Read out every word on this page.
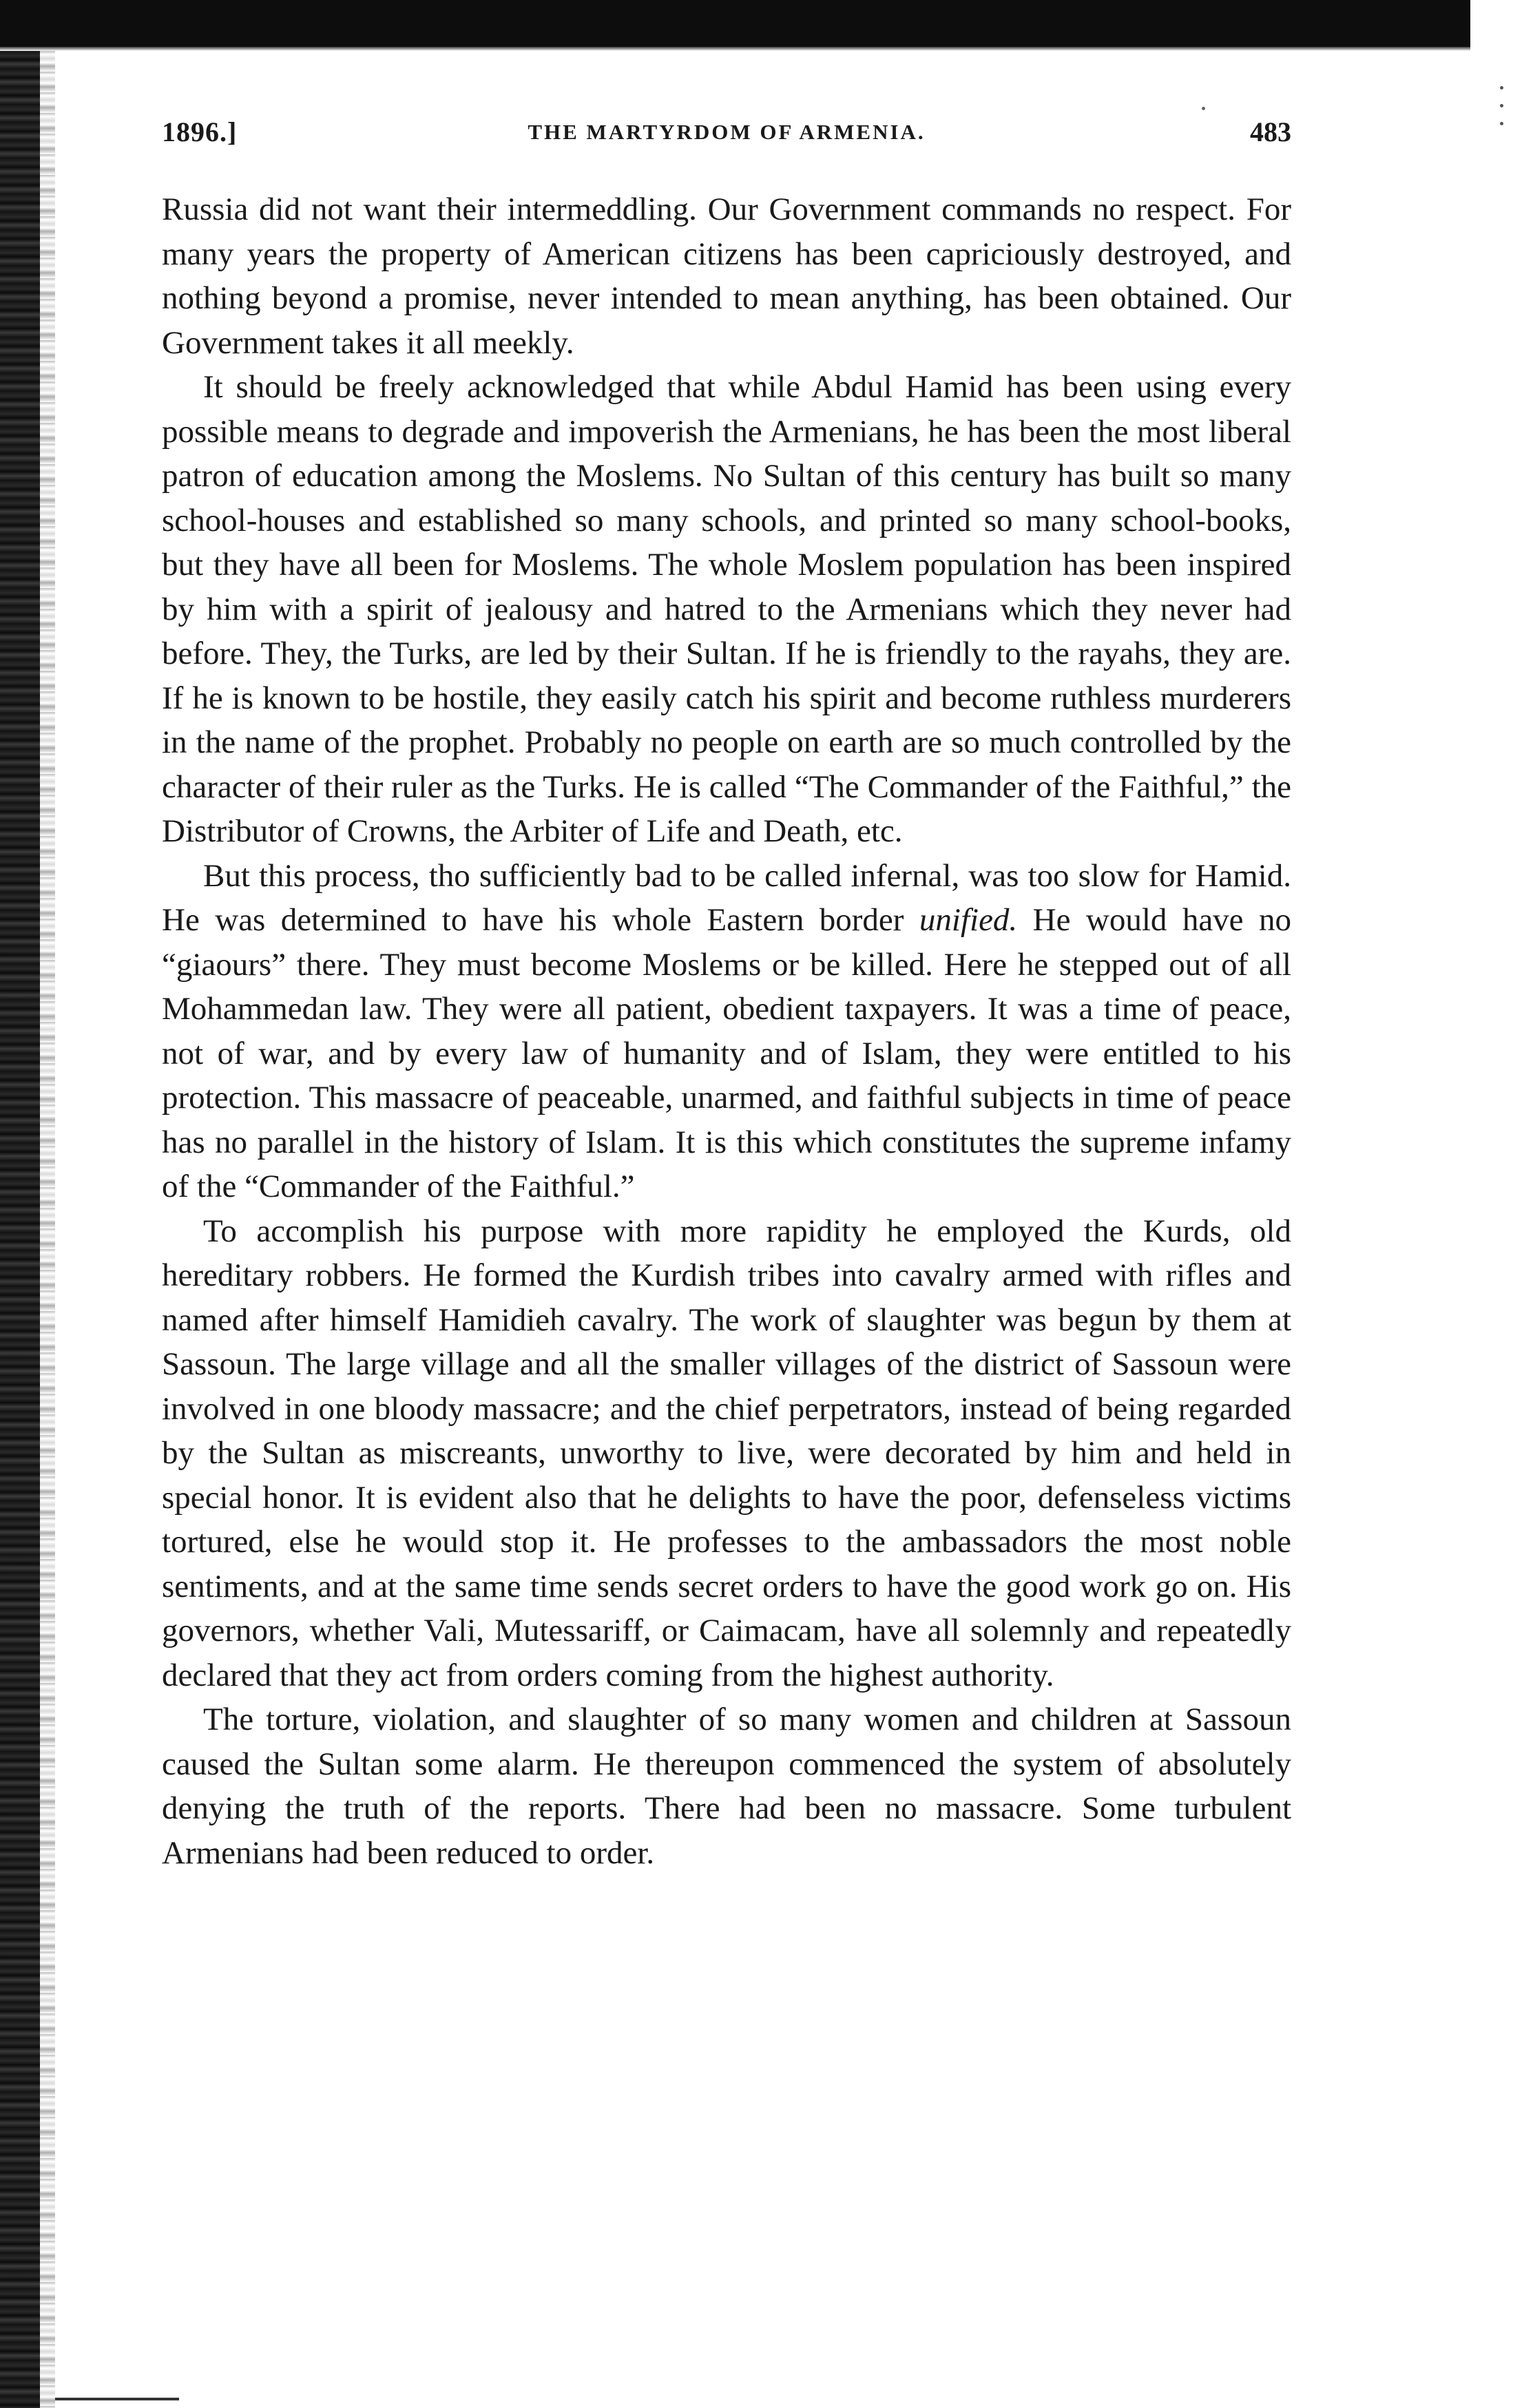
1896.]	THE MARTYRDOM OF ARMENIA.	483

Russia did not want their intermeddling. Our Government commands no respect. For many years the property of American citizens has been capriciously destroyed, and nothing beyond a promise, never intended to mean anything, has been obtained. Our Government takes it all meekly.

It should be freely acknowledged that while Abdul Hamid has been using every possible means to degrade and impoverish the Armenians, he has been the most liberal patron of education among the Moslems. No Sultan of this century has built so many school-houses and established so many schools, and printed so many school-books, but they have all been for Moslems. The whole Moslem population has been inspired by him with a spirit of jealousy and hatred to the Armenians which they never had before. They, the Turks, are led by their Sultan. If he is friendly to the rayahs, they are. If he is known to be hostile, they easily catch his spirit and become ruthless murderers in the name of the prophet. Probably no people on earth are so much controlled by the character of their ruler as the Turks. He is called “The Commander of the Faithful,” the Distributor of Crowns, the Arbiter of Life and Death, etc.

But this process, tho sufficiently bad to be called infernal, was too slow for Hamid. He was determined to have his whole Eastern border unified. He would have no “giaours” there. They must become Moslems or be killed. Here he stepped out of all Mohammedan law. They were all patient, obedient taxpayers. It was a time of peace, not of war, and by every law of humanity and of Islam, they were entitled to his protection. This massacre of peaceable, unarmed, and faithful subjects in time of peace has no parallel in the history of Islam. It is this which constitutes the supreme infamy of the “Commander of the Faithful.”

To accomplish his purpose with more rapidity he employed the Kurds, old hereditary robbers. He formed the Kurdish tribes into cavalry armed with rifles and named after himself Hamidieh cavalry. The work of slaughter was begun by them at Sassoun. The large village and all the smaller villages of the district of Sassoun were involved in one bloody massacre; and the chief perpetrators, instead of being regarded by the Sultan as miscreants, unworthy to live, were decorated by him and held in special honor. It is evident also that he delights to have the poor, defenseless victims tortured, else he would stop it. He professes to the ambassadors the most noble sentiments, and at the same time sends secret orders to have the good work go on. His governors, whether Vali, Mutessariff, or Caimacam, have all solemnly and repeatedly declared that they act from orders coming from the highest authority.

The torture, violation, and slaughter of so many women and children at Sassoun caused the Sultan some alarm. He thereupon commenced the system of absolutely denying the truth of the reports. There had been no massacre. Some turbulent Armenians had been reduced to order.
